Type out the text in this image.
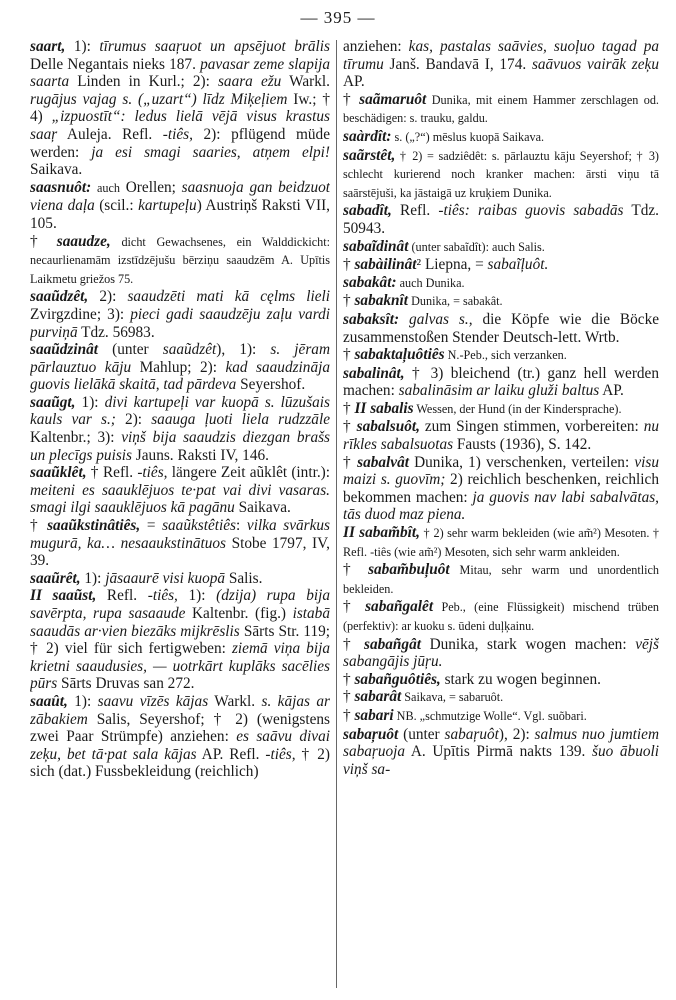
— 395 —

saart, 1): tīrumus saaŗuot un apsējuot brālis Delle Negantais nieks 187. pavasar zeme slapija saarta Linden in Kurl.; 2): saara ežu Warkl. rugājus vajag s. („uzart“) līdz Miķeļiem Iw.; † 4) „izpuostīt“: ledus lielā vējā visus krastus saaŗ Auleja. Refl. -tiês, 2): pflügend müde werden: ja esi smagi saaries, atņem elpi! Saikava.

saasnuôt: auch Orellen; saasnuoja gan beidzuot viena daļa (scil.: kartupeļu) Austriņš Raksti VII, 105.

† saaudze, dicht Gewachsenes, ein Walddickicht: necaurlienamām izstīdzējušu bērziņu saaudzēm A. Upītis Laikmetu griežos 75.

saaũdzêt, 2): saaudzēti mati kā cęlms lieli Zvirgzdine; 3): pieci gadi saaudzēju zaļu vardi purviņā Tdz. 56983.

saaũdzinât (unter saaũdzêt), 1): s. jēram pārlauztuo kāju Mahlup; 2): kad saaudzināja guovis lielākā skaitā, tad pārdeva Seyershof.

saaũgt, 1): divi kartupeļi var kuopā s. lūzušais kauls var s.; 2): saauga ļuoti liela rudzzāle Kaltenbr.; 3): viņš bija saaudzis diezgan brašs un plecīgs puisis Jauns. Raksti IV, 146.

saaũklêt, † Refl. -tiês, längere Zeit aũklêt (intr.): meiteni es saauklējuos te·pat vai divi vasaras. smagi ilgi saauklējuos kā pagānu Saikava.

† saaũkstinâtiês, = saaũkstêtiês: vilka svārkus mugurā, ka… nesaaukstinātuos Stobe 1797, IV, 39.

saaũrêt, 1): jāsaaurē visi kuopā Salis.

II saaũst, Refl. -tiês, 1): (dzija) rupa bija savērpta, rupa sasaaude Kaltenbr. (fig.) istabā saaudās ar·vien biezāks mijkrēslis Sārts Str. 119; † 2) viel für sich fertigweben: ziemā viņa bija krietni saaudusies, — uotrkārt kuplāks sacēlies pūrs Sārts Druvas san 272.

saaût, 1): saavu vīzēs kājas Warkl. s. kājas ar zābakiem Salis, Seyershof; † 2) (wenigstens zwei Paar Strümpfe) anziehen: es saāvu divai zeķu, bet tā·pat sala kājas AP. Refl. -tiês, † 2) sich (dat.) Fussbekleidung (reichlich)

anziehen: kas, pastalas saāvies, suoļuo tagad pa tīrumu Janš. Bandavā I, 174. saāvuos vairāk zeķu AP.

† saãmaruôt Dunika, mit einem Hammer zerschlagen od. beschädigen: s. trauku, galdu.

saàrdît: s. („?“) mēslus kuopā Saikava.

saãrstêt, † 2) = sadziêdêt: s. pārlauztu kāju Seyershof; † 3) schlecht kurierend noch kranker machen: ārsti viņu tā saārstējuši, ka jāstaigā uz kruķiem Dunika.

sabadît, Refl. -tiês: raibas guovis sabadās Tdz. 50943.

sabaĩdinât (unter sabaĩdît): auch Salis.

† sabàilinât² Liepna, = sabaĩļuôt.

sabakât: auch Dunika.

† sabaknît Dunika, = sabakât.

sabaksît: galvas s., die Köpfe wie die Böcke zusammenstoßen Stender Deutsch-lett. Wrtb.

† sabaktaļuôtiês N.-Peb., sich verzanken.

sabalinât, † 3) bleichend (tr.) ganz hell werden machen: sabalināsim ar laiku gluži baltus AP.

† II sabalis Wessen, der Hund (in der Kindersprache).

† sabalsuôt, zum Singen stimmen, vorbereiten: nu rīkles sabalsuotas Fausts (1936), S. 142.

† sabalvât Dunika, 1) verschenken, verteilen: visu maizi s. guovīm; 2) reichlich beschenken, reichlich bekommen machen: ja guovis nav labi sabalvātas, tās duod maz piena.

II sabam̃bît, † 2) sehr warm bekleiden (wie am̃²) Mesoten. † Refl. -tiês (wie am̃²) Mesoten, sich sehr warm ankleiden.

† sabam̃buļuôt Mitau, sehr warm und unordentlich bekleiden.

† sabañgalêt Peb., (eine Flüssigkeit) mischend trüben (perfektiv): ar kuoku s. ūdeni duļķainu.

† sabañgât Dunika, stark wogen machen: vējš sabangājis jūŗu.

† sabañguôtiês, stark zu wogen beginnen.

† sabarât Saikava, = sabaruôt.

† sabari NB. „schmutzige Wolle“. Vgl. suõbari.

sabaŗuôt (unter sabaŗuôt), 2): salmus nuo jumtiem sabaŗuoja A. Upītis Pirmā nakts 139. šuo ābuoli viņš sa-
